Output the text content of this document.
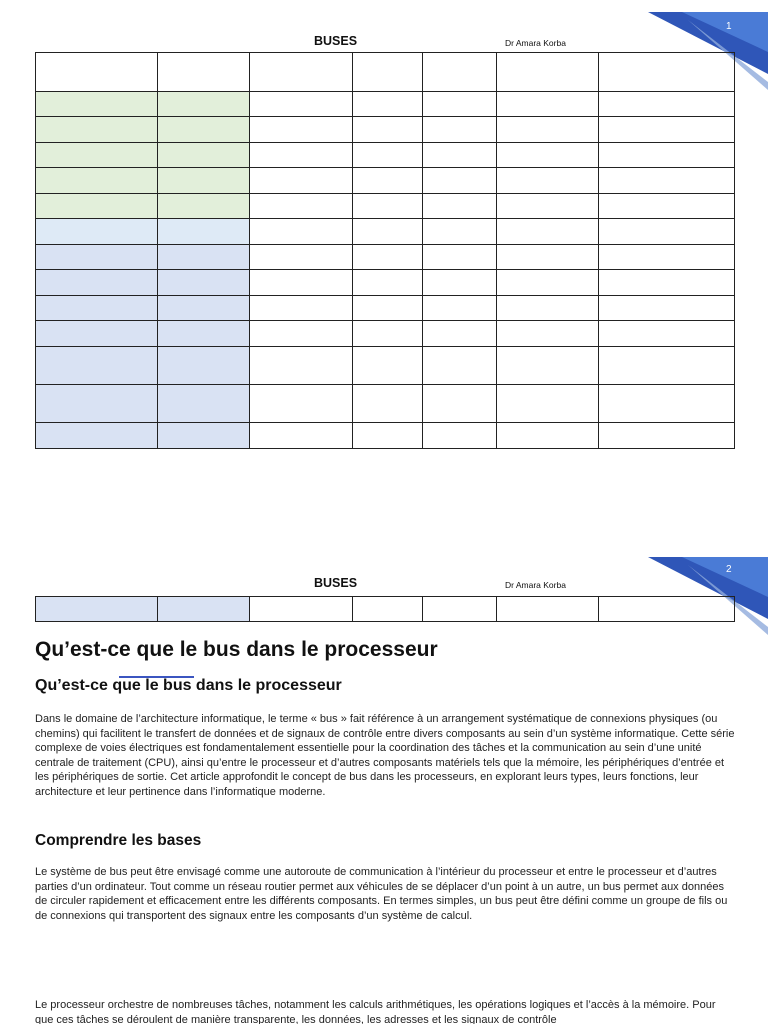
1
BUSES	Dr Amara Korba

2
BUSES	Dr Amara Korba

Qu’est-ce que le bus dans le processeur
Qu’est-ce que le bus dans le processeur

Dans le domaine de l’architecture informatique, le terme « bus » fait référence à un arrangement systématique de connexions physiques (ou chemins) qui facilitent le transfert de données et de signaux de contrôle entre divers composants au sein d’un système informatique. Cette série complexe de voies électriques est fondamentalement essentielle pour la coordination des tâches et la communication au sein d’une unité centrale de traitement (CPU), ainsi qu’entre le processeur et d’autres composants matériels tels que la mémoire, les périphériques d’entrée et les périphériques de sortie. Cet article approfondit le concept de bus dans les processeurs, en explorant leurs types, leurs fonctions, leur architecture et leur pertinence dans l’informatique moderne.

Comprendre les bases

Le système de bus peut être envisagé comme une autoroute de communication à l’intérieur du processeur et entre le processeur et d’autres parties d’un ordinateur. Tout comme un réseau routier permet aux véhicules de se déplacer d’un point à un autre, un bus permet aux données de circuler rapidement et efficacement entre les différents composants. En termes simples, un bus peut être défini comme un groupe de fils ou de connexions qui transportent des signaux entre les composants d’un système de calcul.

Le processeur orchestre de nombreuses tâches, notamment les calculs arithmétiques, les opérations logiques et l’accès à la mémoire. Pour que ces tâches se déroulent de manière transparente, les données, les adresses et les signaux de contrôle
